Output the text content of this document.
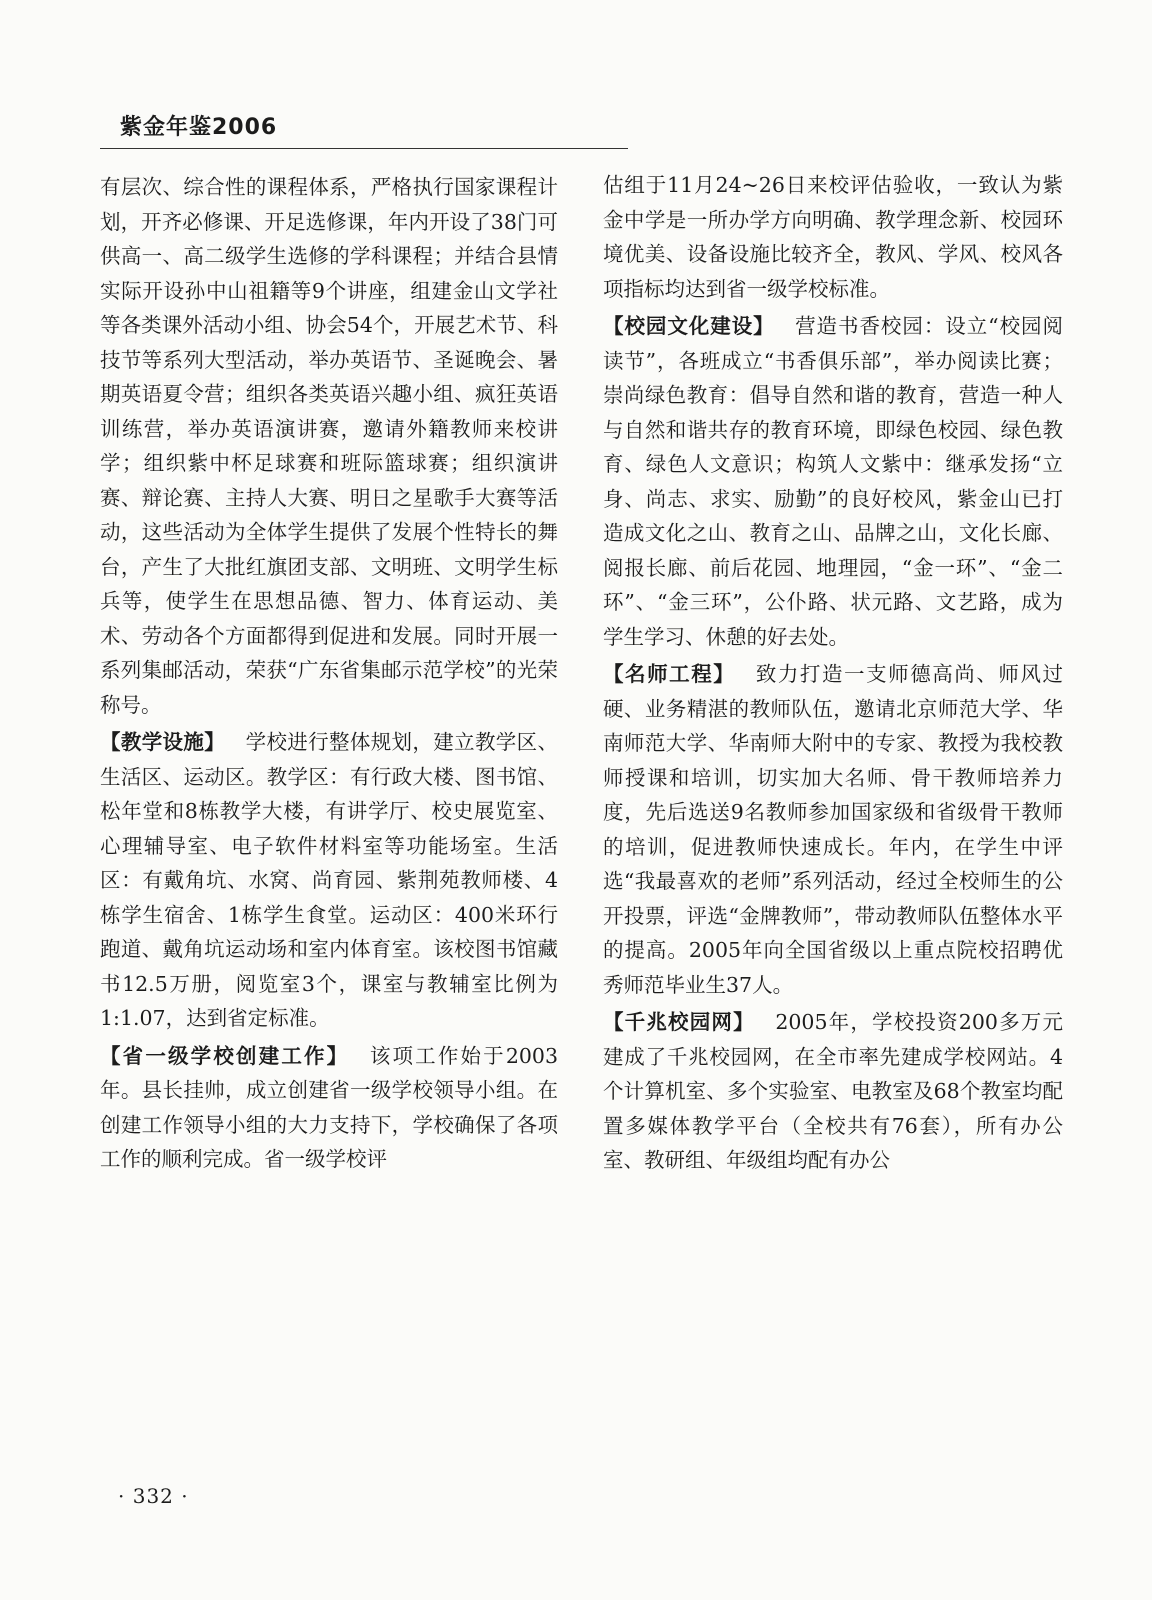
紫金年鉴2006

有层次、综合性的课程体系，严格执行国家课程计划，开齐必修课、开足选修课，年内开设了38门可供高一、高二级学生选修的学科课程；并结合县情实际开设孙中山祖籍等9个讲座，组建金山文学社等各类课外活动小组、协会54个，开展艺术节、科技节等系列大型活动，举办英语节、圣诞晚会、暑期英语夏令营；组织各类英语兴趣小组、疯狂英语训练营，举办英语演讲赛，邀请外籍教师来校讲学；组织紫中杯足球赛和班际篮球赛；组织演讲赛、辩论赛、主持人大赛、明日之星歌手大赛等活动，这些活动为全体学生提供了发展个性特长的舞台，产生了大批红旗团支部、文明班、文明学生标兵等，使学生在思想品德、智力、体育运动、美术、劳动各个方面都得到促进和发展。同时开展一系列集邮活动，荣获“广东省集邮示范学校”的光荣称号。

【教学设施】 学校进行整体规划，建立教学区、生活区、运动区。教学区：有行政大楼、图书馆、松年堂和8栋教学大楼，有讲学厅、校史展览室、心理辅导室、电子软件材料室等功能场室。生活区：有戴角坑、水窝、尚育园、紫荆苑教师楼、4栋学生宿舍、1栋学生食堂。运动区：400米环行跑道、戴角坑运动场和室内体育室。该校图书馆藏书12.5万册，阅览室3个，课室与教辅室比例为1:1.07，达到省定标准。

【省一级学校创建工作】 该项工作始于2003年。县长挂帅，成立创建省一级学校领导小组。在创建工作领导小组的大力支持下，学校确保了各项工作的顺利完成。省一级学校评

估组于11月24~26日来校评估验收，一致认为紫金中学是一所办学方向明确、教学理念新、校园环境优美、设备设施比较齐全，教风、学风、校风各项指标均达到省一级学校标准。

【校园文化建设】 营造书香校园：设立“校园阅读节”，各班成立“书香俱乐部”，举办阅读比赛；崇尚绿色教育：倡导自然和谐的教育，营造一种人与自然和谐共存的教育环境，即绿色校园、绿色教育、绿色人文意识；构筑人文紫中：继承发扬“立身、尚志、求实、励勤”的良好校风，紫金山已打造成文化之山、教育之山、品牌之山，文化长廊、阅报长廊、前后花园、地理园，“金一环”、“金二环”、“金三环”，公仆路、状元路、文艺路，成为学生学习、休憩的好去处。

【名师工程】 致力打造一支师德高尚、师风过硬、业务精湛的教师队伍，邀请北京师范大学、华南师范大学、华南师大附中的专家、教授为我校教师授课和培训，切实加大名师、骨干教师培养力度，先后选送9名教师参加国家级和省级骨干教师的培训，促进教师快速成长。年内，在学生中评选“我最喜欢的老师”系列活动，经过全校师生的公开投票，评选“金牌教师”，带动教师队伍整体水平的提高。2005年向全国省级以上重点院校招聘优秀师范毕业生37人。

【千兆校园网】 2005年，学校投资200多万元建成了千兆校园网，在全市率先建成学校网站。4个计算机室、多个实验室、电教室及68个教室均配置多媒体教学平台（全校共有76套），所有办公室、教研组、年级组均配有办公

· 332 ·
